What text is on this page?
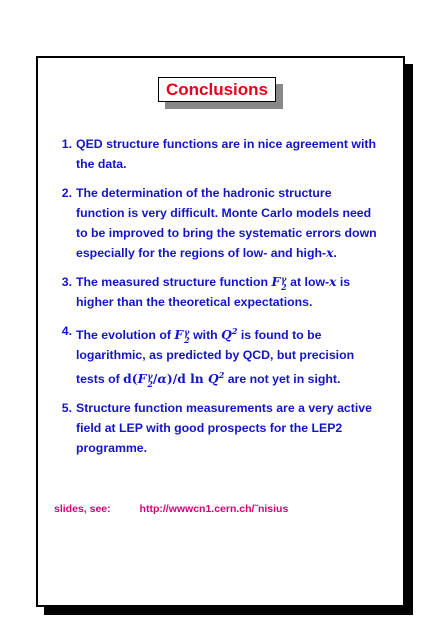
Conclusions
1. QED structure functions are in nice agreement with
the data.
2. The determination of the hadronic structure
function is very difficult. Monte Carlo models need
to be improved to bring the systematic errors down
especially for the regions of low- and high-x.
3. The measured structure function F γ
2 at low-x is
higher than the theoretical expectations.
4. The evolution of F γ
2 with $Q^2$ is found to be
logarithmic, as predicted by QCD, but precision
tests of d(F γ
2 /α)/d $\ln Q^2$ are not yet in sight.
5. Structure function measurements are a very active
field at LEP with good prospects for the LEP2
programme.
slides, see:	http://wwwcn1.cern.ch/˜nisius
